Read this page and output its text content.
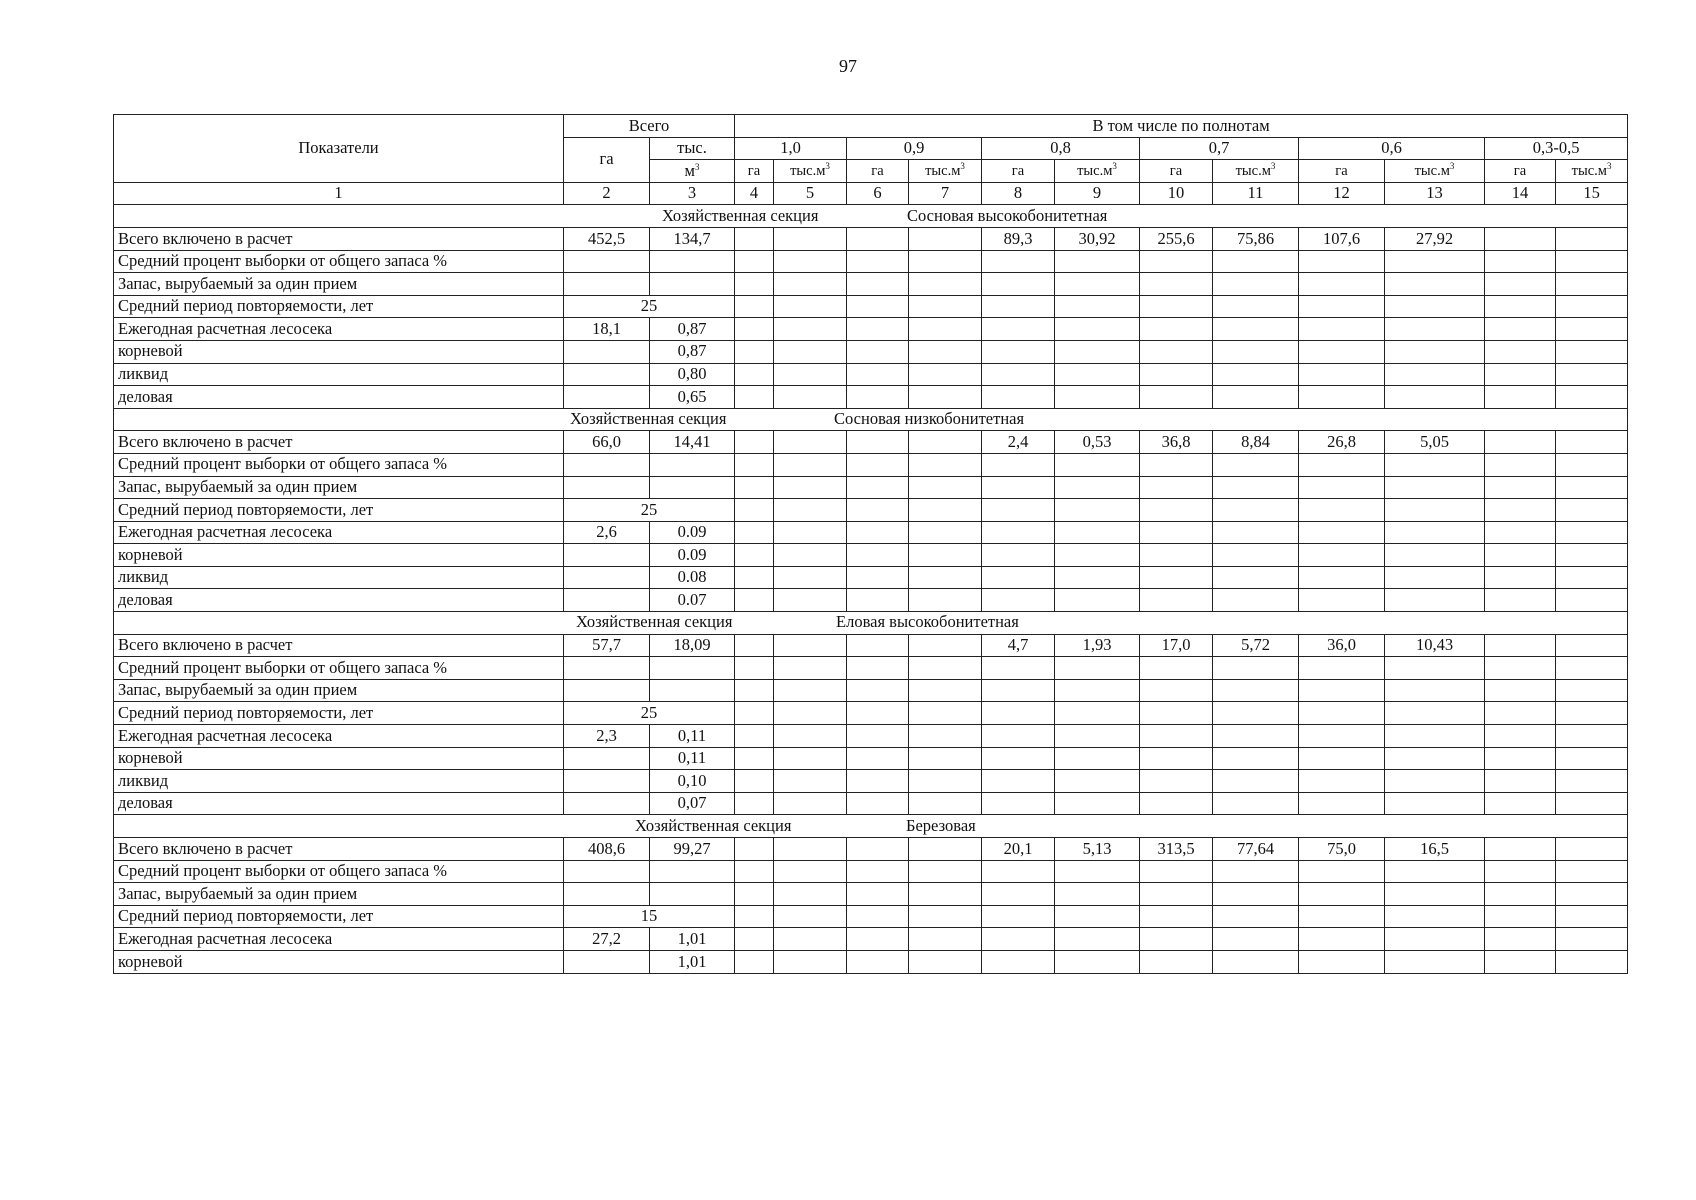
97
Показатели	Всего		В том числе по полнотам											
	га	тыс.	1,0		0,9		0,8		0,7		0,6		0,3-0,5	
		$м^3$	га	$тыс.м^3$	га	$тыс.м^3$	га	$тыс.м^3$	га	$тыс.м^3$	га	$тыс.м^3$	га	$тыс.м^3$
1	2	3	4	5	6	7	8	9	10	11	12	13	14	15

Хозяйственная секция Сосновая высокобонитетная														

Всего включено в расчет	452,5	134,7					89,3	30,92	255,6	75,86	107,6	27,92		
Средний процент выборки от общего запаса %														
Запас, вырубаемый за один прием														
Средний период повторяемости, лет	25													
Ежегодная расчетная лесосека	18,1	0,87												
корневой		0,87												
ликвид		0,80												
деловая		0,65												

Хозяйственная секция Сосновая низкобонитетная														

Всего включено в расчет	66,0	14,41					2,4	0,53	36,8	8,84	26,8	5,05		
Средний процент выборки от общего запаса %														
Запас, вырубаемый за один прием														
Средний период повторяемости, лет	25													
Ежегодная расчетная лесосека	2,6	0.09												
корневой		0.09												
ликвид		0.08												
деловая		0.07												

Хозяйственная секция Еловая высокобонитетная														

Всего включено в расчет	57,7	18,09					4,7	1,93	17,0	5,72	36,0	10,43		
Средний процент выборки от общего запаса %														
Запас, вырубаемый за один прием														
Средний период повторяемости, лет	25													
Ежегодная расчетная лесосека	2,3	0,11												
корневой		0,11												
ликвид		0,10												
деловая		0,07												

Хозяйственная секция Березовая														

Всего включено в расчет	408,6	99,27					20,1	5,13	313,5	77,64	75,0	16,5		
Средний процент выборки от общего запаса %														
Запас, вырубаемый за один прием														
Средний период повторяемости, лет	15													
Ежегодная расчетная лесосека	27,2	1,01												
корневой		1,01												
